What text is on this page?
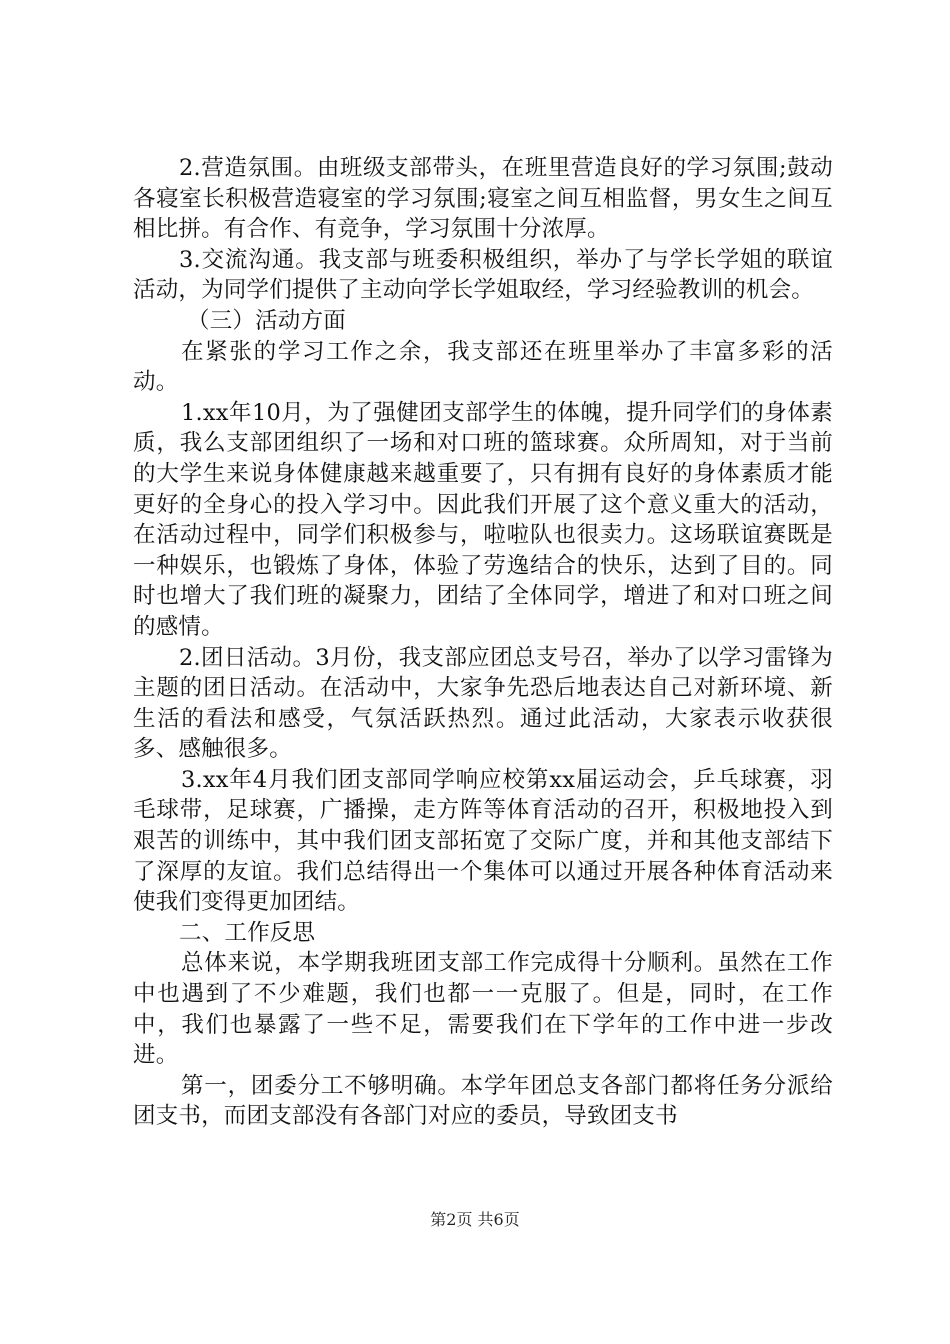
2.营造氛围。由班级支部带头，在班里营造良好的学习氛围;鼓动各寝室长积极营造寝室的学习氛围;寝室之间互相监督，男女生之间互相比拼。有合作、有竞争，学习氛围十分浓厚。

3.交流沟通。我支部与班委积极组织，举办了与学长学姐的联谊活动，为同学们提供了主动向学长学姐取经，学习经验教训的机会。

（三）活动方面

在紧张的学习工作之余，我支部还在班里举办了丰富多彩的活动。

1.xx年10月，为了强健团支部学生的体魄，提升同学们的身体素质，我么支部团组织了一场和对口班的篮球赛。众所周知，对于当前的大学生来说身体健康越来越重要了，只有拥有良好的身体素质才能更好的全身心的投入学习中。因此我们开展了这个意义重大的活动，在活动过程中，同学们积极参与，啦啦队也很卖力。这场联谊赛既是一种娱乐，也锻炼了身体，体验了劳逸结合的快乐，达到了目的。同时也增大了我们班的凝聚力，团结了全体同学，增进了和对口班之间的感情。

2.团日活动。3月份，我支部应团总支号召，举办了以学习雷锋为主题的团日活动。在活动中，大家争先恐后地表达自己对新环境、新生活的看法和感受，气氛活跃热烈。通过此活动，大家表示收获很多、感触很多。

3.xx年4月我们团支部同学响应校第xx届运动会，乒乓球赛，羽毛球带，足球赛，广播操，走方阵等体育活动的召开，积极地投入到艰苦的训练中，其中我们团支部拓宽了交际广度，并和其他支部结下了深厚的友谊。我们总结得出一个集体可以通过开展各种体育活动来使我们变得更加团结。

二、工作反思

总体来说，本学期我班团支部工作完成得十分顺利。虽然在工作中也遇到了不少难题，我们也都一一克服了。但是，同时，在工作中，我们也暴露了一些不足，需要我们在下学年的工作中进一步改进。

第一，团委分工不够明确。本学年团总支各部门都将任务分派给团支书，而团支部没有各部门对应的委员，导致团支书

第2页 共6页
